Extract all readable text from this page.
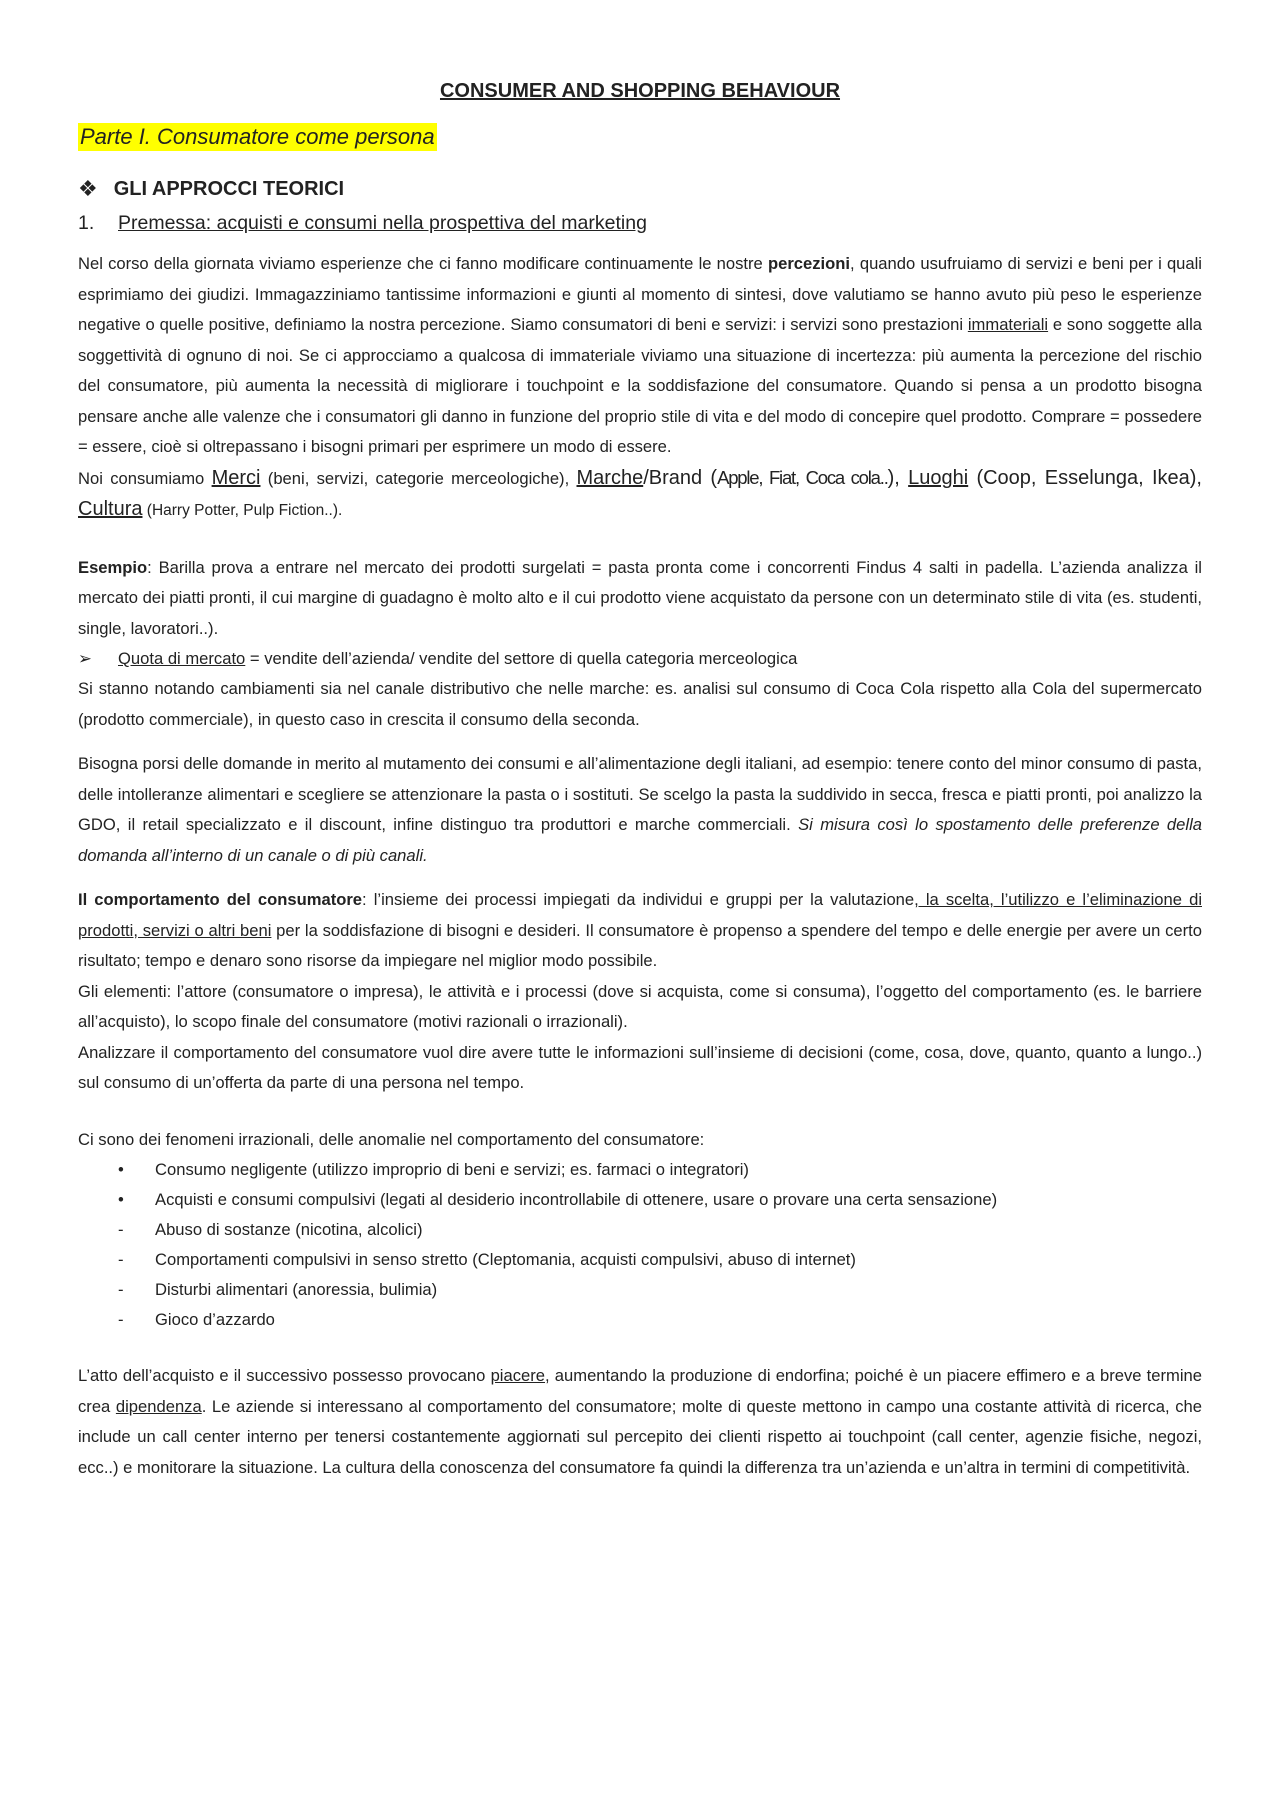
CONSUMER AND SHOPPING BEHAVIOUR
Parte I. Consumatore come persona
❖ GLI APPROCCI TEORICI
1.	Premessa: acquisti e consumi nella prospettiva del marketing

Nel corso della giornata viviamo esperienze che ci fanno modificare continuamente le nostre percezioni, quando usufruiamo di servizi e beni per i quali esprimiamo dei giudizi. Immagazziniamo tantissime informazioni e giunti al momento di sintesi, dove valutiamo se hanno avuto più peso le esperienze negative o quelle positive, definiamo la nostra percezione. Siamo consumatori di beni e servizi: i servizi sono prestazioni immateriali e sono soggette alla soggettività di ognuno di noi. Se ci approcciamo a qualcosa di immateriale viviamo una situazione di incertezza: più aumenta la percezione del rischio del consumatore, più aumenta la necessità di migliorare i touchpoint e la soddisfazione del consumatore. Quando si pensa a un prodotto bisogna pensare anche alle valenze che i consumatori gli danno in funzione del proprio stile di vita e del modo di concepire quel prodotto. Comprare = possedere = essere, cioè si oltrepassano i bisogni primari per esprimere un modo di essere.

Noi consumiamo Merci (beni, servizi, categorie merceologiche), Marche/Brand (Apple, Fiat, Coca cola..), Luoghi (Coop, Esselunga, Ikea), Cultura (Harry Potter, Pulp Fiction..).

Esempio: Barilla prova a entrare nel mercato dei prodotti surgelati = pasta pronta come i concorrenti Findus 4 salti in padella. L’azienda analizza il mercato dei piatti pronti, il cui margine di guadagno è molto alto e il cui prodotto viene acquistato da persone con un determinato stile di vita (es. studenti, single, lavoratori..).

➢	Quota di mercato = vendite dell’azienda/ vendite del settore di quella categoria merceologica

Si stanno notando cambiamenti sia nel canale distributivo che nelle marche: es. analisi sul consumo di Coca Cola rispetto alla Cola del supermercato (prodotto commerciale), in questo caso in crescita il consumo della seconda.

Bisogna porsi delle domande in merito al mutamento dei consumi e all’alimentazione degli italiani, ad esempio: tenere conto del minor consumo di pasta, delle intolleranze alimentari e scegliere se attenzionare la pasta o i sostituti. Se scelgo la pasta la suddivido in secca, fresca e piatti pronti, poi analizzo la GDO, il retail specializzato e il discount, infine distinguo tra produttori e marche commerciali. Si misura così lo spostamento delle preferenze della domanda all’interno di un canale o di più canali.

Il comportamento del consumatore: l’insieme dei processi impiegati da individui e gruppi per la valutazione, la scelta, l’utilizzo e l’eliminazione di prodotti, servizi o altri beni per la soddisfazione di bisogni e desideri. Il consumatore è propenso a spendere del tempo e delle energie per avere un certo risultato; tempo e denaro sono risorse da impiegare nel miglior modo possibile.

Gli elementi: l’attore (consumatore o impresa), le attività e i processi (dove si acquista, come si consuma), l’oggetto del comportamento (es. le barriere all’acquisto), lo scopo finale del consumatore (motivi razionali o irrazionali).

Analizzare il comportamento del consumatore vuol dire avere tutte le informazioni sull’insieme di decisioni (come, cosa, dove, quanto, quanto a lungo..) sul consumo di un’offerta da parte di una persona nel tempo.

Ci sono dei fenomeni irrazionali, delle anomalie nel comportamento del consumatore:

•	Consumo negligente (utilizzo improprio di beni e servizi; es. farmaci o integratori)
•	Acquisti e consumi compulsivi (legati al desiderio incontrollabile di ottenere, usare o provare una certa sensazione)
-	Abuso di sostanze (nicotina, alcolici)
-	Comportamenti compulsivi in senso stretto (Cleptomania, acquisti compulsivi, abuso di internet)
-	Disturbi alimentari (anoressia, bulimia)
-	Gioco d’azzardo

L’atto dell’acquisto e il successivo possesso provocano piacere, aumentando la produzione di endorfina; poiché è un piacere effimero e a breve termine crea dipendenza. Le aziende si interessano al comportamento del consumatore; molte di queste mettono in campo una costante attività di ricerca, che include un call center interno per tenersi costantemente aggiornati sul percepito dei clienti rispetto ai touchpoint (call center, agenzie fisiche, negozi, ecc..) e monitorare la situazione. La cultura della conoscenza del consumatore fa quindi la differenza tra un’azienda e un’altra in termini di competitività.
